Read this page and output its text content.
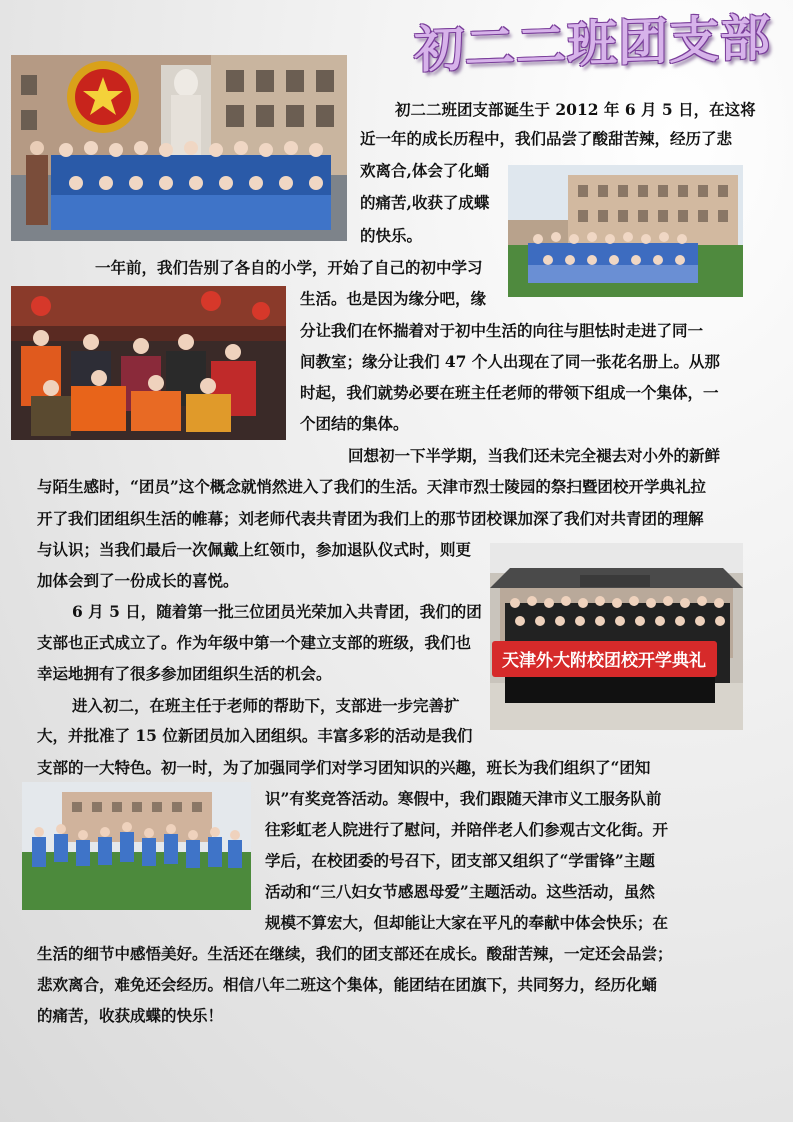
初二二班团支部
天津外大附校团校开学典礼
初二二班团支部诞生于 2012 年 6 月 5 日，在这将
近一年的成长历程中，我们品尝了酸甜苦辣，经历了悲
欢离合,体会了化蛹
的痛苦,收获了成蝶
的快乐。
一年前，我们告别了各自的小学，开始了自己的初中学习
生活。也是因为缘分吧，缘
分让我们在怀揣着对于初中生活的向往与胆怯时走进了同一
间教室；缘分让我们 47 个人出现在了同一张花名册上。从那
时起，我们就势必要在班主任老师的带领下组成一个集体，一
个团结的集体。
回想初一下半学期，当我们还未完全褪去对小外的新鲜
与陌生感时，“团员”这个概念就悄然进入了我们的生活。天津市烈士陵园的祭扫暨团校开学典礼拉
开了我们团组织生活的帷幕；刘老师代表共青团为我们上的那节团校课加深了我们对共青团的理解
与认识；当我们最后一次佩戴上红领巾，参加退队仪式时，则更
加体会到了一份成长的喜悦。
6 月 5 日，随着第一批三位团员光荣加入共青团，我们的团
支部也正式成立了。作为年级中第一个建立支部的班级，我们也
幸运地拥有了很多参加团组织生活的机会。
进入初二，在班主任于老师的帮助下，支部进一步完善扩
大，并批准了 15 位新团员加入团组织。丰富多彩的活动是我们
支部的一大特色。初一时，为了加强同学们对学习团知识的兴趣，班长为我们组织了“团知
识”有奖竞答活动。寒假中，我们跟随天津市义工服务队前
往彩虹老人院进行了慰问，并陪伴老人们参观古文化街。开
学后，在校团委的号召下，团支部又组织了“学雷锋”主题
活动和“三八妇女节感恩母爱”主题活动。这些活动，虽然
规模不算宏大，但却能让大家在平凡的奉献中体会快乐；在
生活的细节中感悟美好。生活还在继续，我们的团支部还在成长。酸甜苦辣，一定还会品尝；
悲欢离合，难免还会经历。相信八年二班这个集体，能团结在团旗下，共同努力，经历化蛹
的痛苦，收获成蝶的快乐！
